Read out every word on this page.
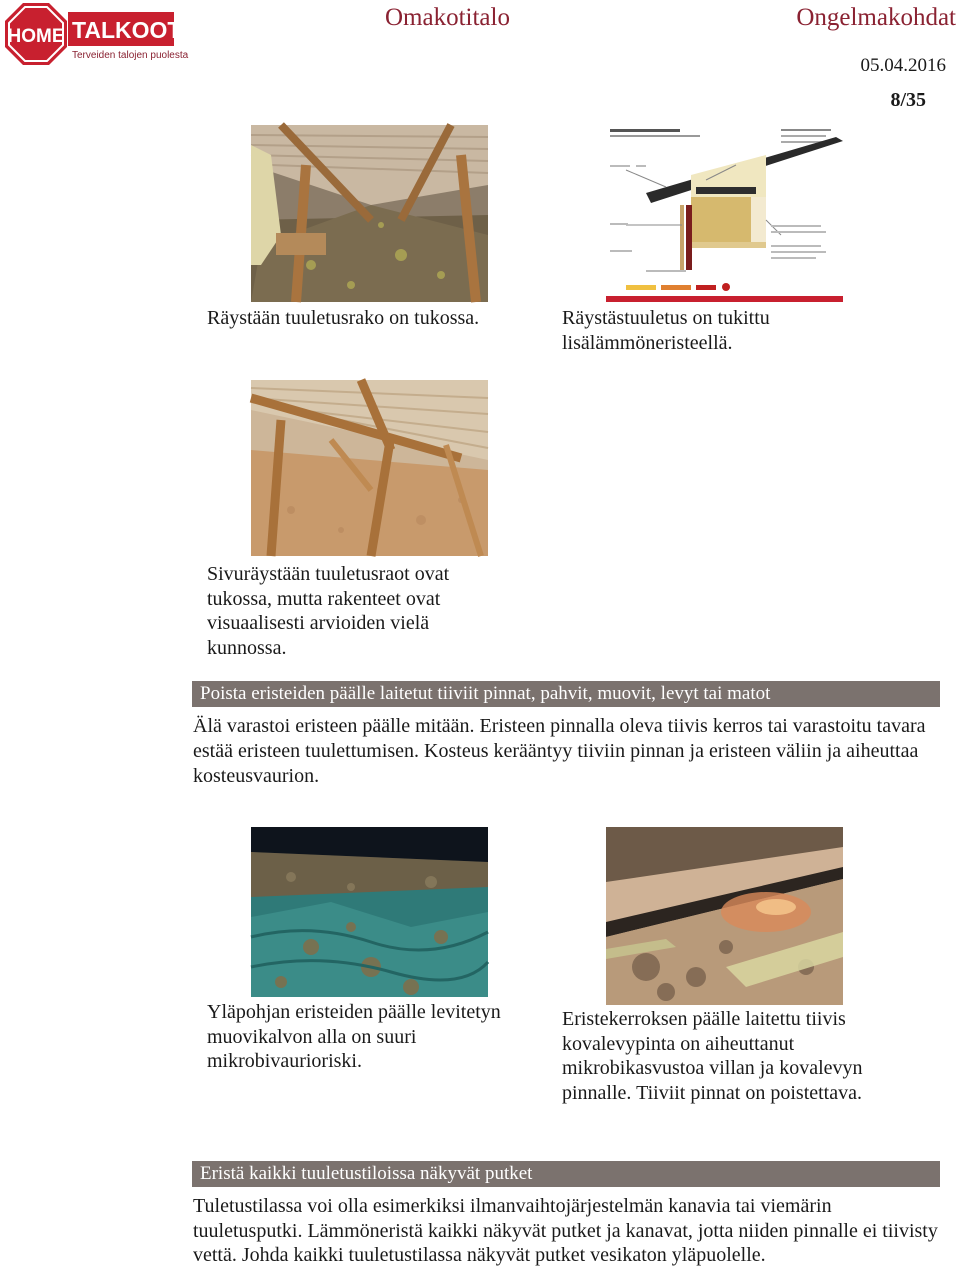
HOME TALKOOT.FI
Terveiden talojen puolesta
Omakotitalo	Ongelmakohdat
05.04.2016
8/35
Räystään tuuletusrako on tukossa.	Räystästuuletus on tukittu lisälämmöneristeellä.
Sivuräystään tuuletusraot ovat tukossa, mutta rakenteet ovat visuaalisesti arvioiden vielä kunnossa.
Poista eristeiden päälle laitetut tiiviit pinnat, pahvit, muovit, levyt tai matot
Älä varastoi eristeen päälle mitään. Eristeen pinnalla oleva tiivis kerros tai varastoitu tavara estää eristeen tuulettumisen. Kosteus kerääntyy tiiviin pinnan ja eristeen väliin ja aiheuttaa kosteusvaurion.
Yläpohjan eristeiden päälle levitetyn muovikalvon alla on suuri mikrobivaurioriski.
Eristekerroksen päälle laitettu tiivis kovalevypinta on aiheuttanut mikrobikasvustoa villan ja kovalevyn pinnalle. Tiiviit pinnat on poistettava.
Eristä kaikki tuuletustiloissa näkyvät putket
Tuletustilassa voi olla esimerkiksi ilmanvaihtojärjestelmän kanavia tai viemärin tuuletusputki. Lämmöneristä kaikki näkyvät putket ja kanavat, jotta niiden pinnalle ei tiivisty vettä. Johda kaikki tuuletustilassa näkyvät putket vesikaton yläpuolelle.
